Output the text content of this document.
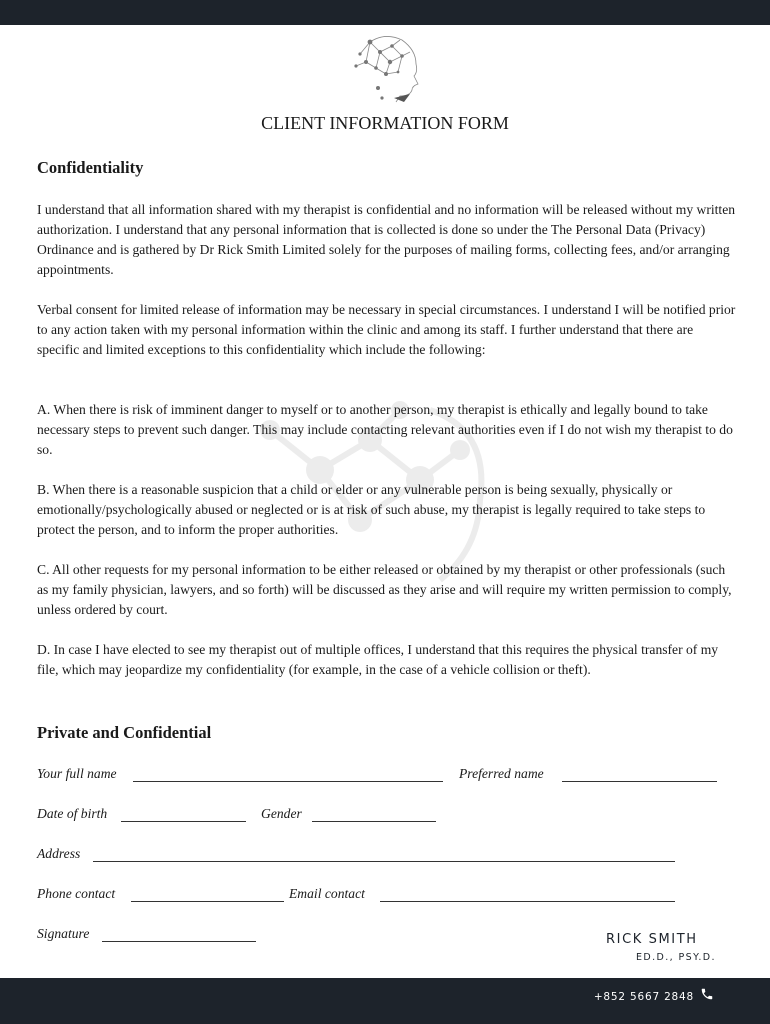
CLIENT INFORMATION FORM
Confidentiality
I understand that all information shared with my therapist is confidential and no information will be released without my written authorization. I understand that any personal information that is collected is done so under the The Personal Data (Privacy) Ordinance and is gathered by Dr Rick Smith Limited solely for the purposes of mailing forms, collecting fees, and/or arranging appointments.
Verbal consent for limited release of information may be necessary in special circumstances. I understand I will be notified prior to any action taken with my personal information within the clinic and among its staff. I further understand that there are specific and limited exceptions to this confidentiality which include the following:
A. When there is risk of imminent danger to myself or to another person, my therapist is ethically and legally bound to take necessary steps to prevent such danger. This may include contacting relevant authorities even if I do not wish my therapist to do so.
B. When there is a reasonable suspicion that a child or elder or any vulnerable person is being sexually, physically or emotionally/psychologically abused or neglected or is at risk of such abuse, my therapist is legally required to take steps to protect the person, and to inform the proper authorities.
C. All other requests for my personal information to be either released or obtained by my therapist or other professionals (such as my family physician, lawyers, and so forth) will be discussed as they arise and will require my written permission to comply, unless ordered by court.
D. In case I have elected to see my therapist out of multiple offices, I understand that this requires the physical transfer of my file, which may jeopardize my confidentiality (for example, in the case of a vehicle collision or theft).
Private and Confidential
Your full name	Preferred name
Date of birth	Gender
Address
Phone contact	Email contact
Signature	RICK SMITH
ED.D., PSY.D.
+852 5667 2848
